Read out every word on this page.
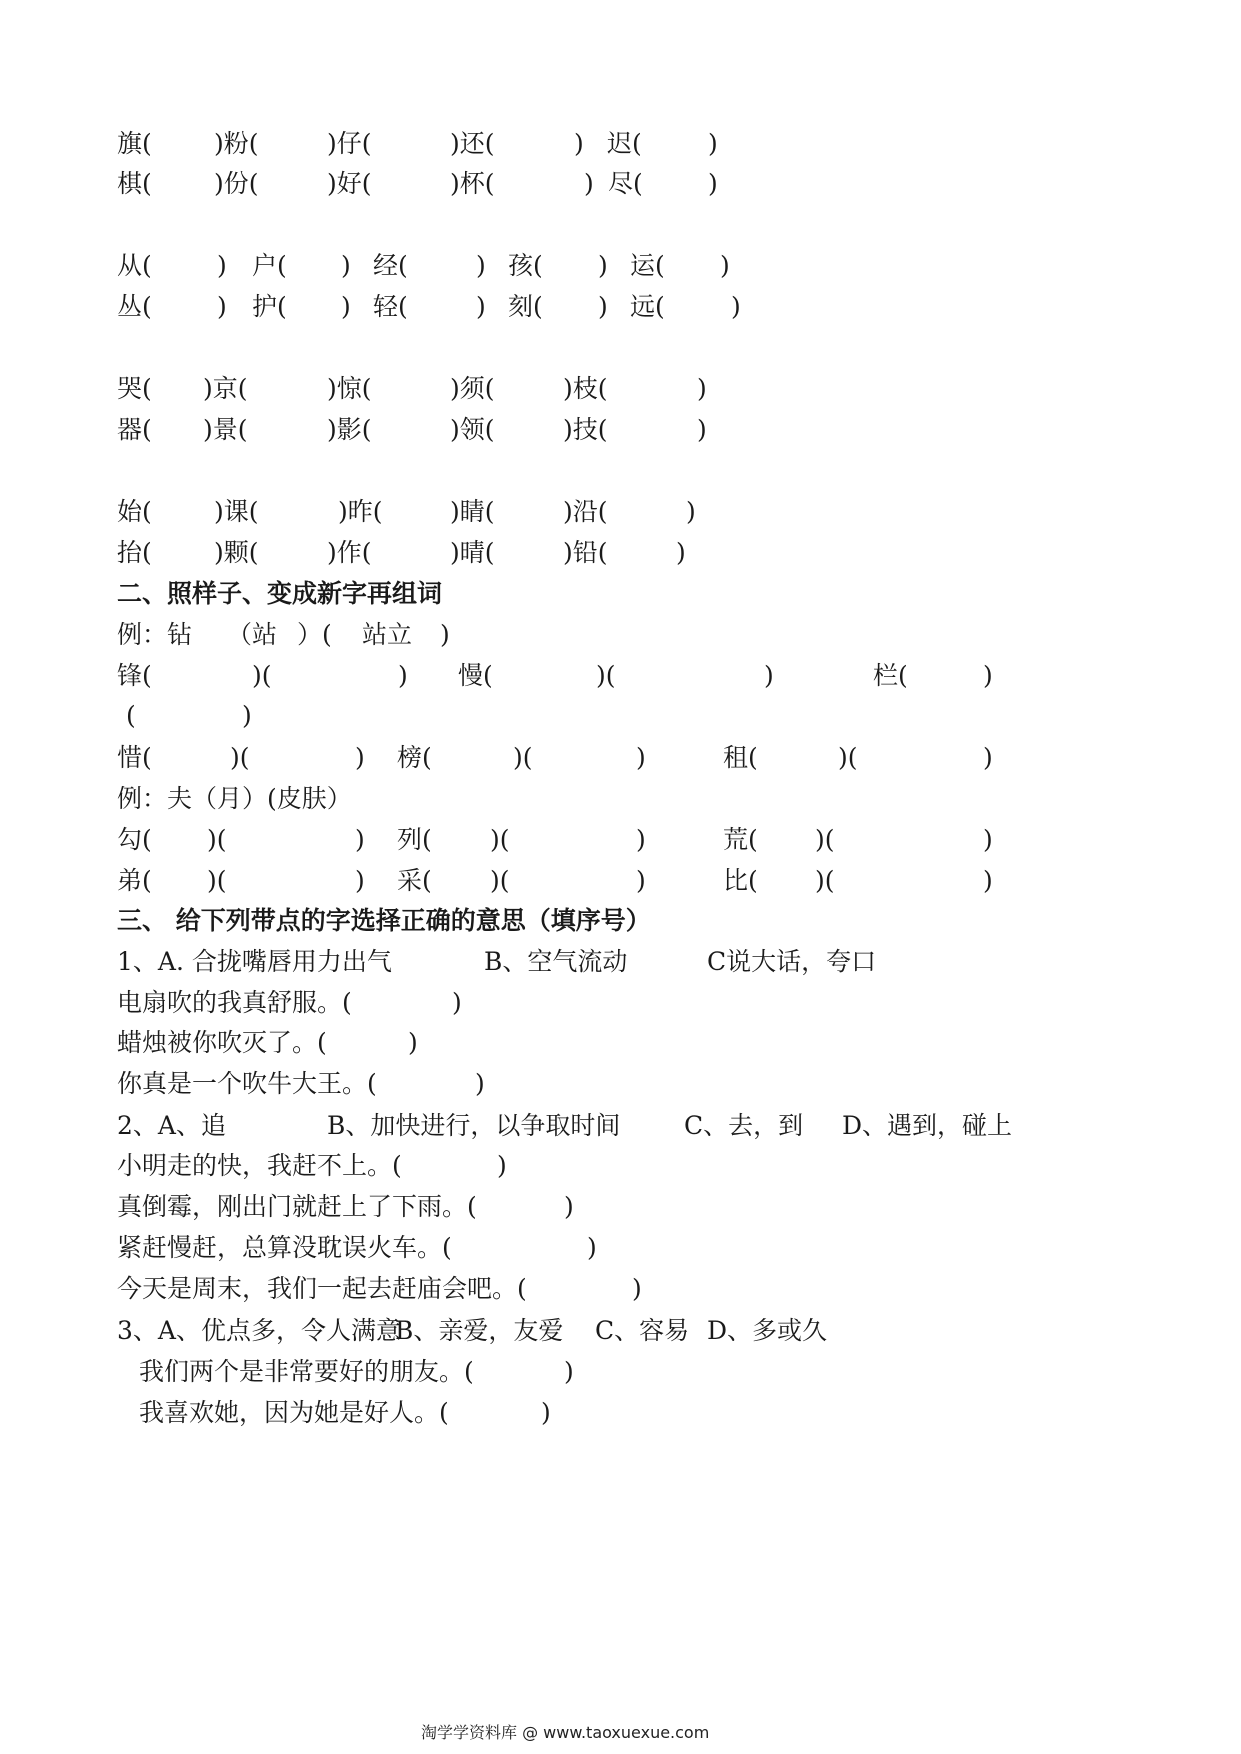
旗( )粉(	)仔(	)还(	) 迟(	)
棋( )份(	)好(	)杯(	) 尽(	)
从(	) 户( ) 经(	) 孩( ) 运( )
丛(	) 护( ) 轻(	) 刻( ) 远(	)
哭( )京(	)惊(	)须(	)枝(	)
器( )景(	)影(	)领(	)技(	)
始( )课(	)昨(	)睛(	)沿(	)
抬( )颗(	)作(	)晴(	)铅(	)
二、照样子、变成新字再组词
例：钻 （站 ）( 站立 )
锋(	)(	) 慢(	)(	)	栏(	)
(	)
惜(	)(	) 榜(	)(	)	租(	)(	)
例：夫（月）(皮肤）
勾( )(	) 列( )(	)	荒( )(	)
弟( )(	) 采( )(	)	比( )(	)
三、 给下列带点的字选择正确的意思（填序号）
1、A. 合拢嘴唇用力出气	B、空气流动	C说大话，夸口
电扇吹的我真舒服。(	)
蜡烛被你吹灭了。(	)
你真是一个吹牛大王。(	)
2、A、追	B、加快进行，以争取时间	C、去，到 D、遇到，碰上
小明走的快，我赶不上。(	)
真倒霉，刚出门就赶上了下雨。(	)
紧赶慢赶，总算没耽误火车。(	)
今天是周末，我们一起去赶庙会吧。(	)
3、A、优点多，令人满意
B、亲爱，友爱 C、容易 D、多或久
我们两个是非常要好的朋友。(	)
我喜欢她，因为她是好人。(	)
淘学学资料库 @ www.taoxuexue.com
